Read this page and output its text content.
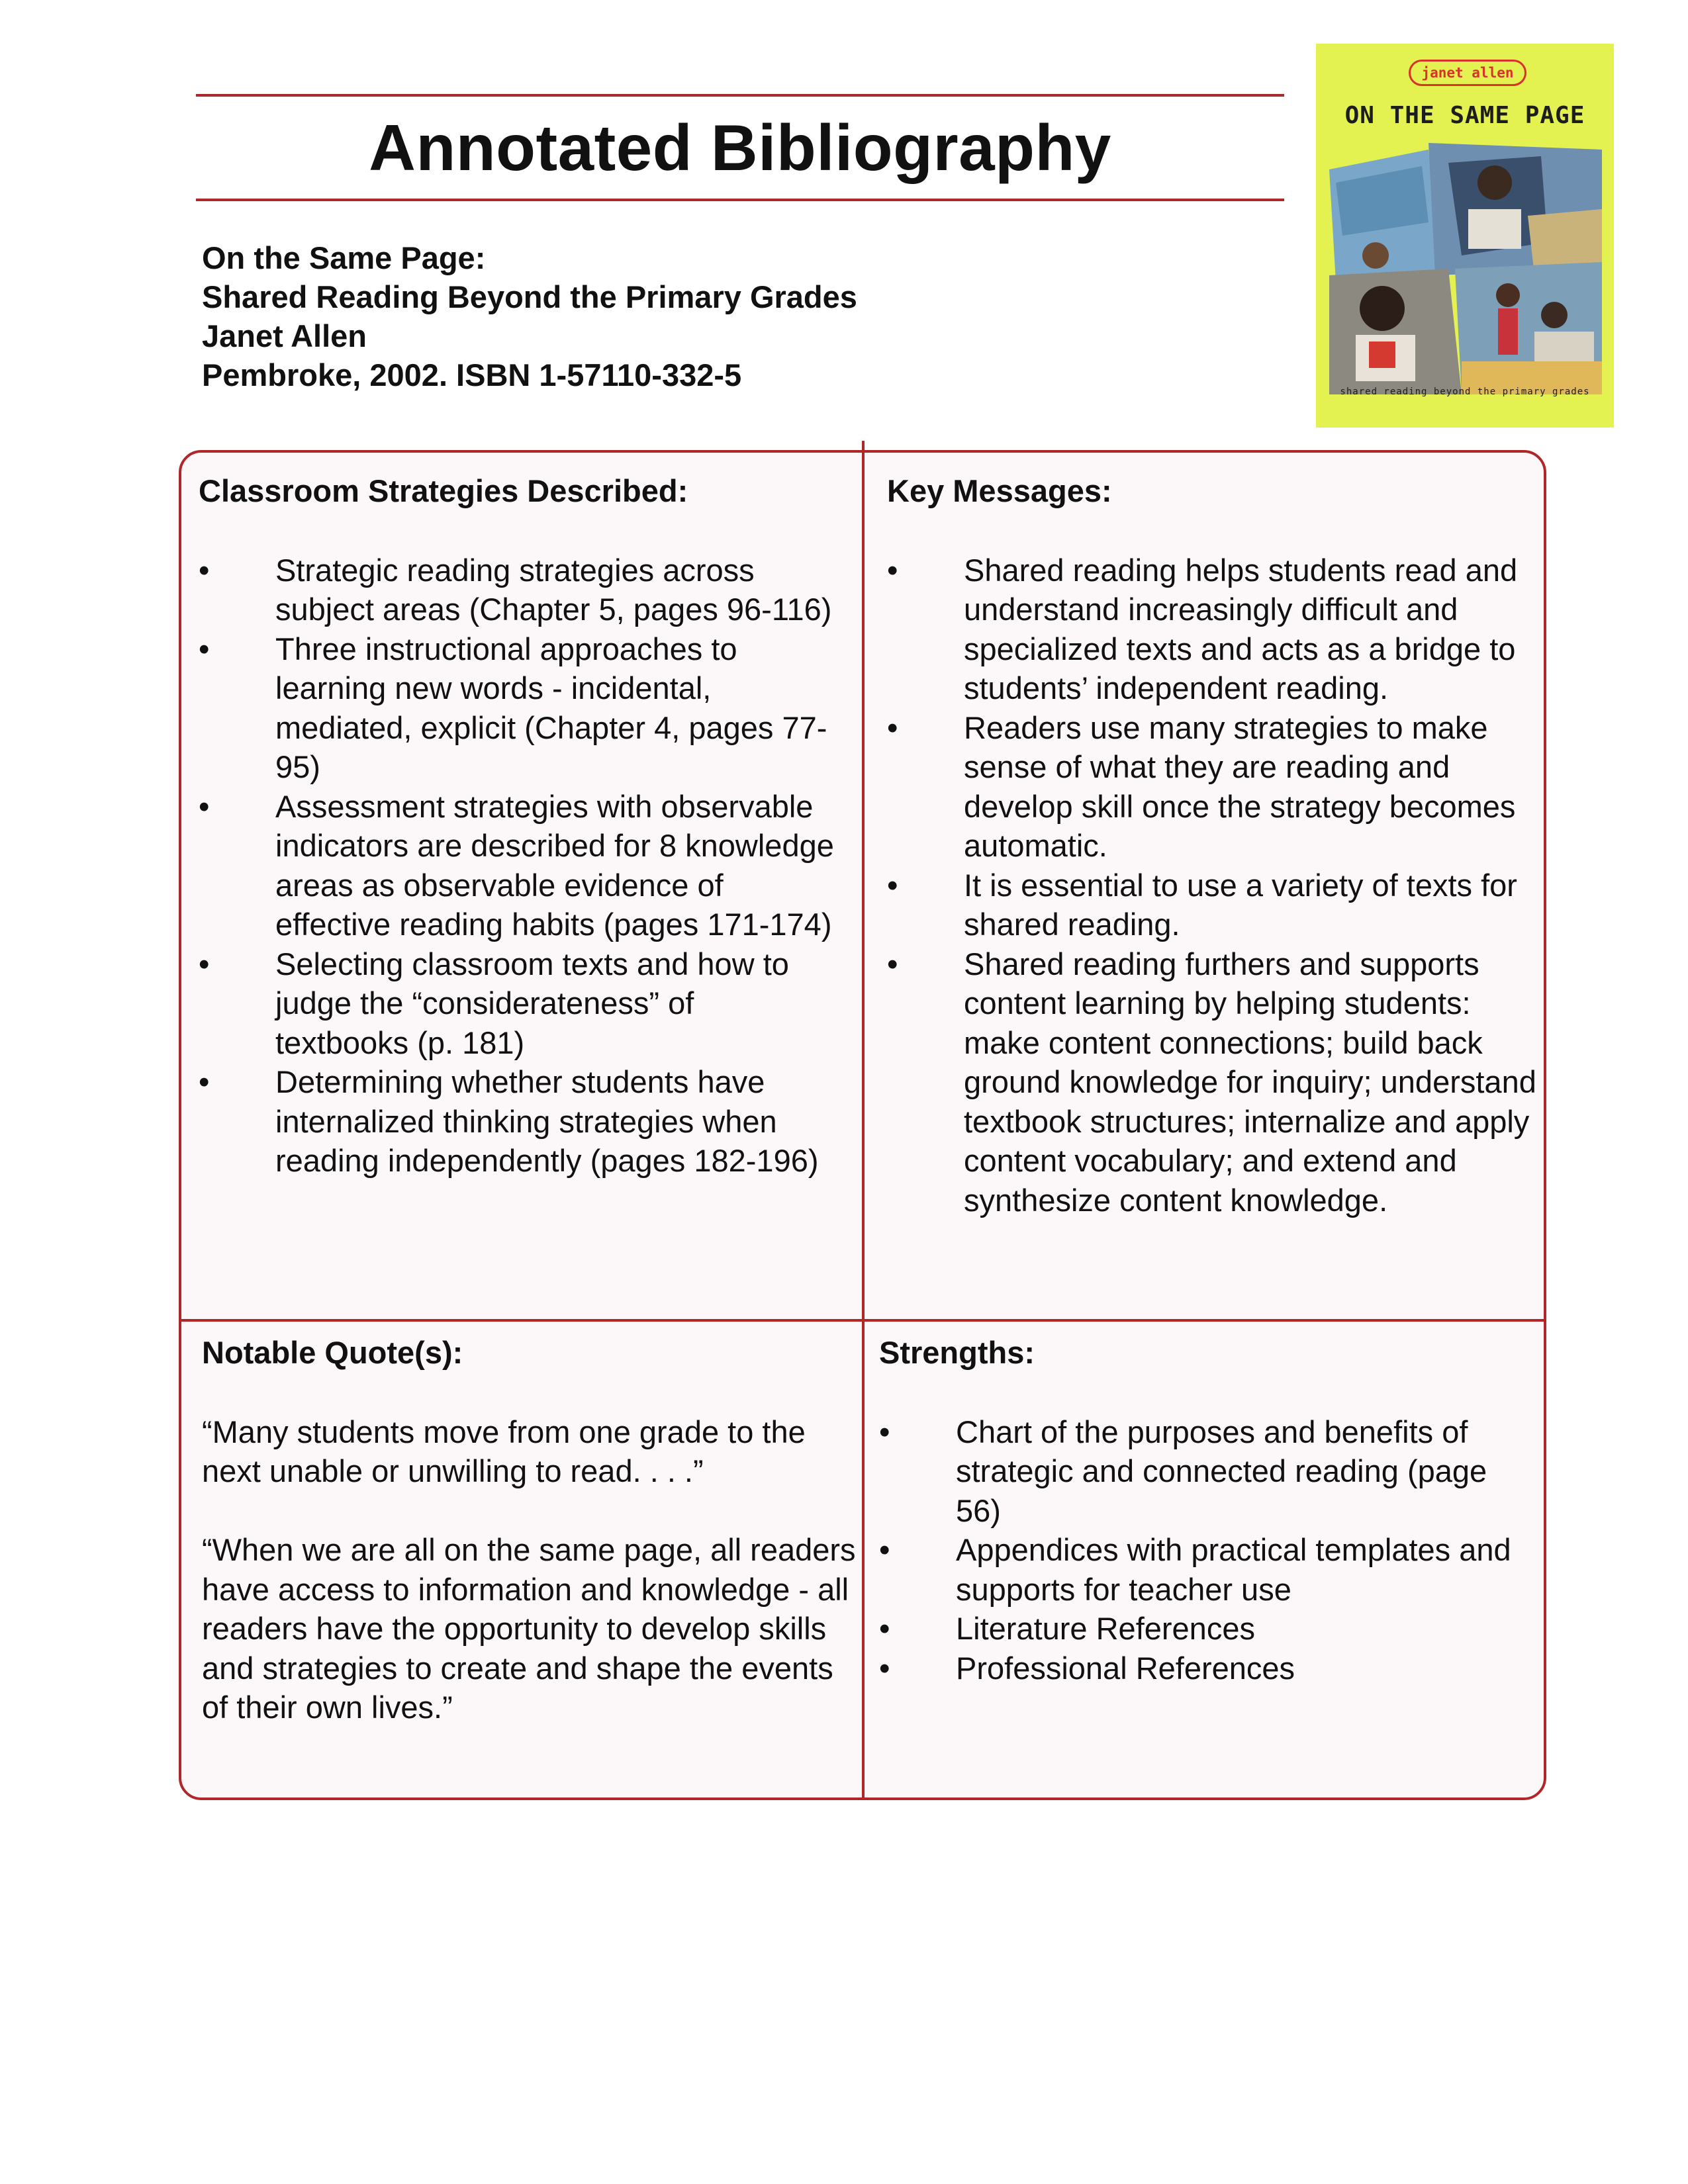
Annotated Bibliography
On the Same Page:
Shared Reading Beyond the Primary Grades
Janet Allen
Pembroke, 2002. ISBN 1-57110-332-5
janet allen
ON THE SAME PAGE
shared reading beyond the primary grades
Classroom Strategies Described:
• Strategic reading strategies across subject areas (Chapter 5, pages 96-116)
• Three instructional approaches to learning new words - incidental, mediated, explicit (Chapter 4, pages 77-95)
• Assessment strategies with observable indicators are described for 8 knowledge areas as observable evidence of effective reading habits (pages 171-174)
• Selecting classroom texts and how to judge the “considerateness” of textbooks (p. 181)
• Determining whether students have internalized thinking strategies when reading independently (pages 182-196)
Key Messages:
• Shared reading helps students read and understand increasingly difficult and specialized texts and acts as a bridge to students’ independent reading.
• Readers use many strategies to make sense of what they are reading and develop skill once the strategy becomes automatic.
• It is essential to use a variety of texts for shared reading.
• Shared reading furthers and supports content learning by helping students: make content connections; build back ground knowledge for inquiry; understand textbook structures; internalize and apply content vocabulary; and extend and synthesize content knowledge.
Notable Quote(s):

“Many students move from one grade to the next unable or unwilling to read. . . .”

“When we are all on the same page, all readers have access to information and knowledge - all readers have the opportunity to develop skills and strategies to create and shape the events of their own lives.”

Strengths:
• Chart of the purposes and benefits of strategic and connected reading (page 56)
• Appendices with practical templates and supports for teacher use
• Literature References
• Professional References
